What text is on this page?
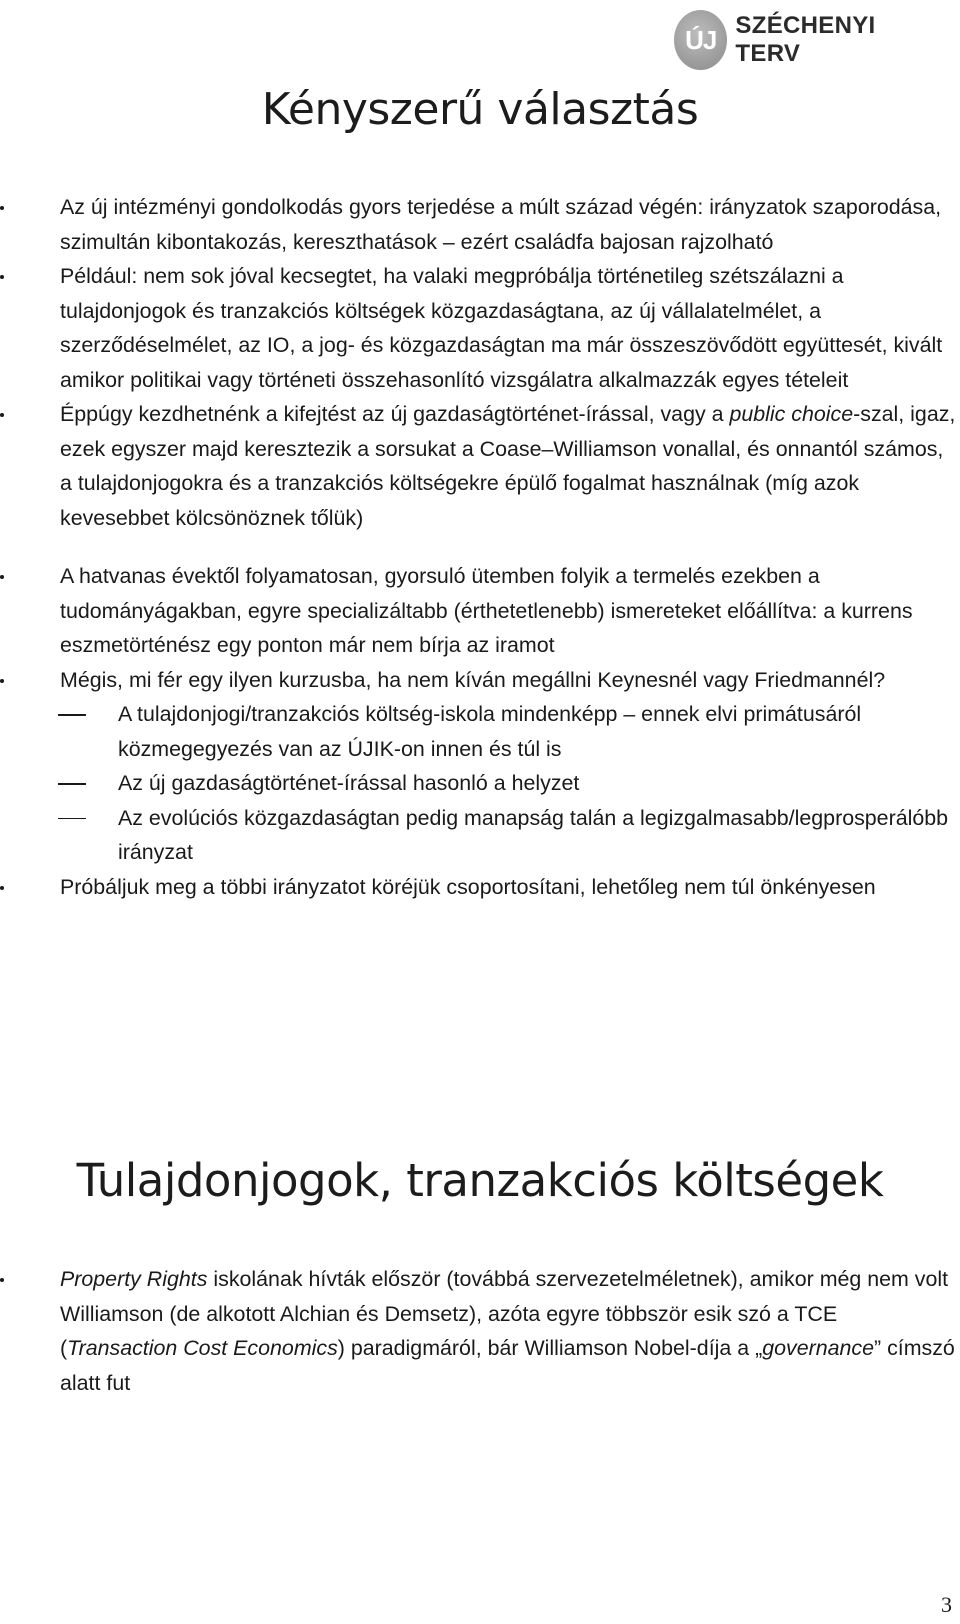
ÚJ SZÉCHENYI TERV
Kényszerű választás
Az új intézményi gondolkodás gyors terjedése a múlt század végén: irányzatok szaporodása, szimultán kibontakozás, kereszthatások – ezért családfa bajosan rajzolható
Például: nem sok jóval kecsegtet, ha valaki megpróbálja történetileg szétszálazni a tulajdonjogok és tranzakciós költségek közgazdaságtana, az új vállalatelmélet, a szerződéselmélet, az IO, a jog- és közgazdaságtan ma már összeszövődött együttesét, kivált amikor politikai vagy történeti összehasonlító vizsgálatra alkalmazzák egyes tételeit
Éppúgy kezdhetnénk a kifejtést az új gazdaságtörténet-írással, vagy a public choice-szal, igaz, ezek egyszer majd keresztezik a sorsukat a Coase–Williamson vonallal, és onnantól számos, a tulajdonjogokra és a tranzakciós költségekre épülő fogalmat használnak (míg azok kevesebbet kölcsönöznek tőlük)
A hatvanas évektől folyamatosan, gyorsuló ütemben folyik a termelés ezekben a tudományágakban, egyre specializáltabb (érthetetlenebb) ismereteket előállítva: a kurrens eszmetörténész egy ponton már nem bírja az iramot
Mégis, mi fér egy ilyen kurzusba, ha nem kíván megállni Keynesnél vagy Friedmannél?
A tulajdonjogi/tranzakciós költség-iskola mindenképp – ennek elvi primátusáról közmegegyezés van az ÚJIK-on innen és túl is
Az új gazdaságtörténet-írással hasonló a helyzet
Az evolúciós közgazdaságtan pedig manapság talán a legizgalmasabb/legprosperálóbb irányzat
Próbáljuk meg a többi irányzatot köréjük csoportosítani, lehetőleg nem túl önkényesen
Tulajdonjogok, tranzakciós költségek
Property Rights iskolának hívták először (továbbá szervezetelméletnek), amikor még nem volt Williamson (de alkotott Alchian és Demsetz), azóta egyre többször esik szó a TCE (Transaction Cost Economics) paradigmáról, bár Williamson Nobel-díja a „governance” címszó alatt fut
3
